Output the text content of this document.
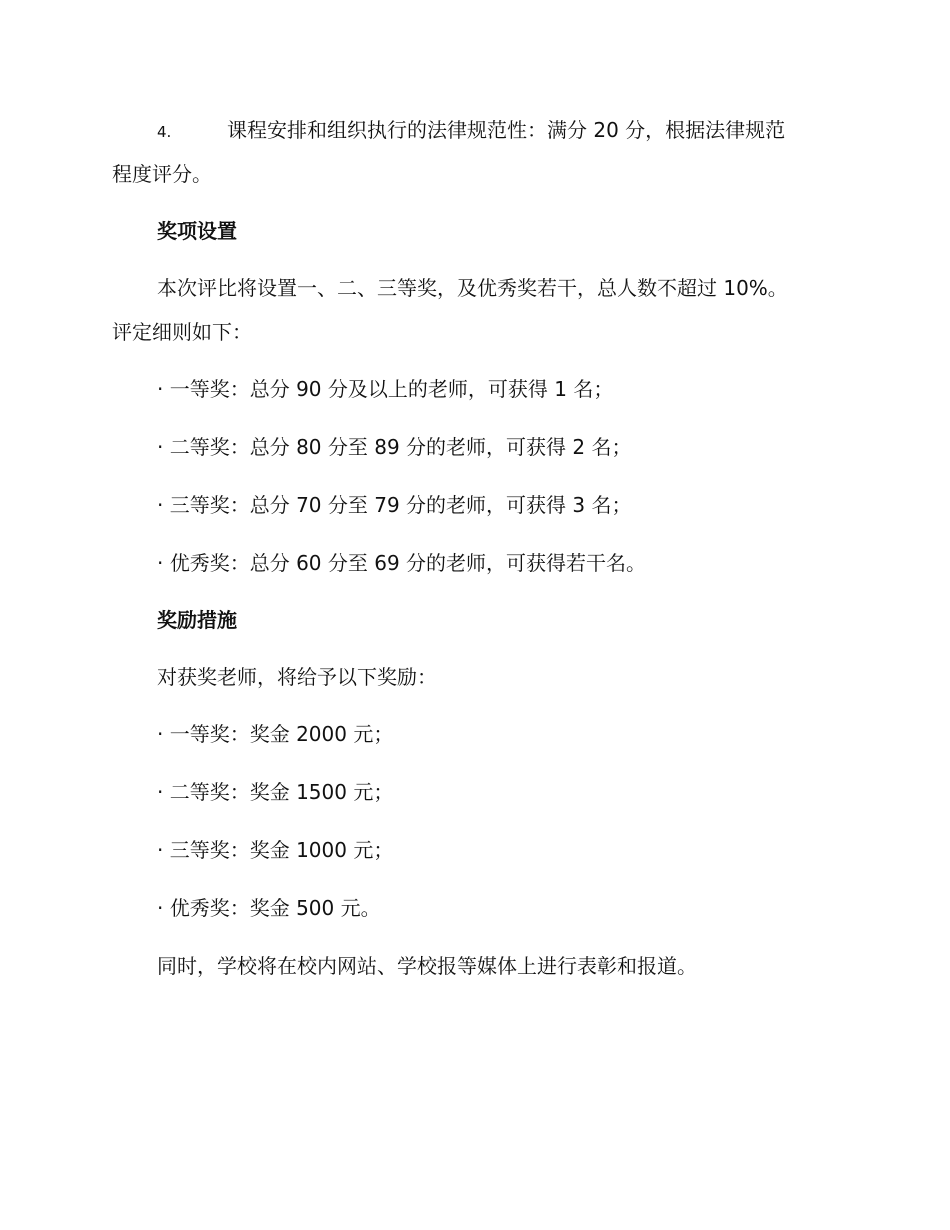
4.	课程安排和组织执行的法律规范性：满分 20 分，根据法律规范
程度评分。
奖项设置
本次评比将设置一、二、三等奖，及优秀奖若干，总人数不超过 10%。
评定细则如下：
· 一等奖：总分 90 分及以上的老师，可获得 1 名；
· 二等奖：总分 80 分至 89 分的老师，可获得 2 名；
· 三等奖：总分 70 分至 79 分的老师，可获得 3 名；
· 优秀奖：总分 60 分至 69 分的老师，可获得若干名。
奖励措施
对获奖老师，将给予以下奖励：
· 一等奖：奖金 2000 元；
· 二等奖：奖金 1500 元；
· 三等奖：奖金 1000 元；
· 优秀奖：奖金 500 元。
同时，学校将在校内网站、学校报等媒体上进行表彰和报道。
